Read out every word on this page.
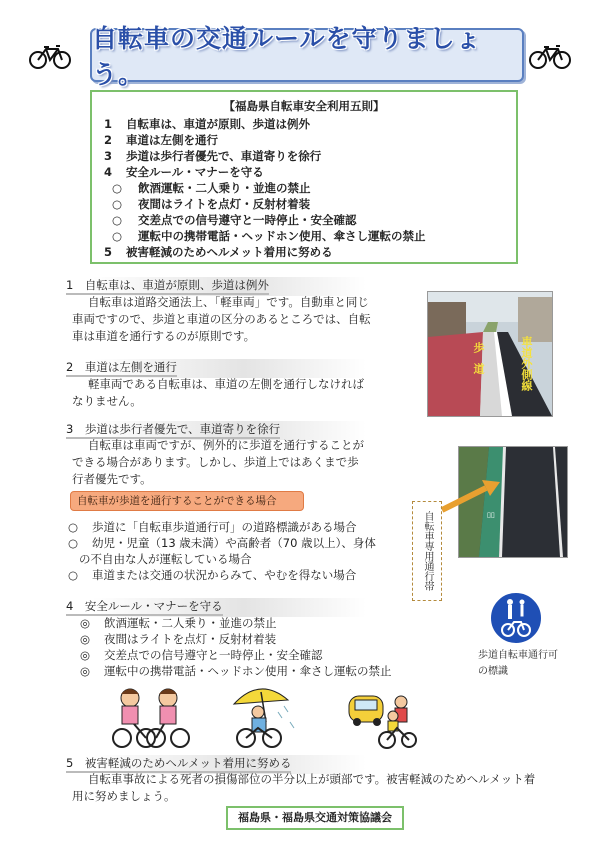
自転車の交通ルールを守りましょう。
【福島県自転車安全利用五則】
1 自転車は、車道が原則、歩道は例外
2 車道は左側を通行
3 歩道は歩行者優先で、車道寄りを徐行
4 安全ルール・マナーを守る
○ 飲酒運転・二人乗り・並進の禁止
○ 夜間はライトを点灯・反射材着装
○ 交差点での信号遵守と一時停止・安全確認
○ 運転中の携帯電話・ヘッドホン使用、傘さし運転の禁止
5 被害軽減のためヘルメット着用に努める
1　自転車は、車道が原則、歩道は例外
自転車は道路交通法上、「軽車両」です。自動車と同じ
車両ですので、歩道と車道の区分のあるところでは、自転
車は車道を通行するのが原則です。
歩道	車道外側線
2　車道は左側を通行
軽車両である自転車は、車道の左側を通行しなければ
なりません。
3　歩道は歩行者優先で、車道寄りを徐行
自転車は車両ですが、例外的に歩道を通行することが
できる場合があります。しかし、歩道上ではあくまで歩
行者優先です。
▯▯
自転車専用通行帯
自転車が歩道を通行することができる場合
○ 歩道に「自転車歩道通行可」の道路標識がある場合
○ 幼児・児童（13 歳未満）や高齢者（70 歳以上）、身体
の不自由な人が運転している場合
○ 車道または交通の状況からみて、やむを得ない場合
4　安全ルール・マナーを守る
◎ 飲酒運転・二人乗り・並進の禁止
◎ 夜間はライトを点灯・反射材着装
◎ 交差点での信号遵守と一時停止・安全確認
◎ 運転中の携帯電話・ヘッドホン使用・傘さし運転の禁止
歩道自転車通行可
の標識
5　被害軽減のためヘルメット着用に努める
自転車事故による死者の損傷部位の半分以上が頭部です。被害軽減のためヘルメット着
用に努めましょう。
福島県・福島県交通対策協議会
